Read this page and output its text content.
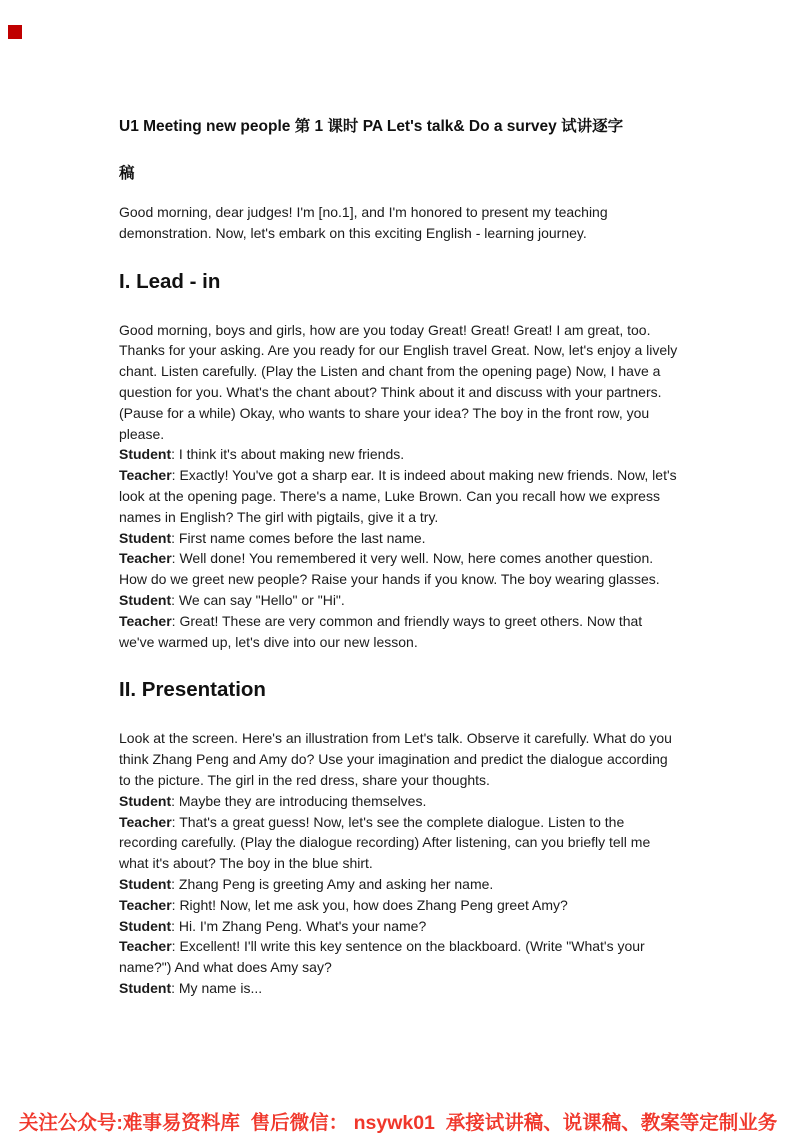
U1 Meeting new people 第 1 课时 PA Let's talk& Do a survey 试讲逐字
稿

Good morning, dear judges! I'm [no.1], and I'm honored to present my teaching demonstration. Now, let's embark on this exciting English - learning journey.

I. Lead - in

Good morning, boys and girls, how are you today Great! Great! Great! I am great, too. Thanks for your asking. Are you ready for our English travel Great. Now, let's enjoy a lively chant. Listen carefully. (Play the Listen and chant from the opening page) Now, I have a question for you. What's the chant about? Think about it and discuss with your partners. (Pause for a while) Okay, who wants to share your idea? The boy in the front row, you please.

Student: I think it's about making new friends.

Teacher: Exactly! You've got a sharp ear. It is indeed about making new friends. Now, let's look at the opening page. There's a name, Luke Brown. Can you recall how we express names in English? The girl with pigtails, give it a try.

Student: First name comes before the last name.

Teacher: Well done! You remembered it very well. Now, here comes another question. How do we greet new people? Raise your hands if you know. The boy wearing glasses.

Student: We can say "Hello" or "Hi".

Teacher: Great! These are very common and friendly ways to greet others. Now that we've warmed up, let's dive into our new lesson.

II. Presentation

Look at the screen. Here's an illustration from Let's talk. Observe it carefully. What do you think Zhang Peng and Amy do? Use your imagination and predict the dialogue according to the picture. The girl in the red dress, share your thoughts.

Student: Maybe they are introducing themselves.

Teacher: That's a great guess! Now, let's see the complete dialogue. Listen to the recording carefully. (Play the dialogue recording) After listening, can you briefly tell me what it's about? The boy in the blue shirt.

Student: Zhang Peng is greeting Amy and asking her name.

Teacher: Right! Now, let me ask you, how does Zhang Peng greet Amy?

Student: Hi. I'm Zhang Peng. What's your name?

Teacher: Excellent! I'll write this key sentence on the blackboard. (Write "What's your name?") And what does Amy say?

Student: My name is...

关注公众号:难事易资料库  售后微信： nsywk01  承接试讲稿、说课稿、教案等定制业务
